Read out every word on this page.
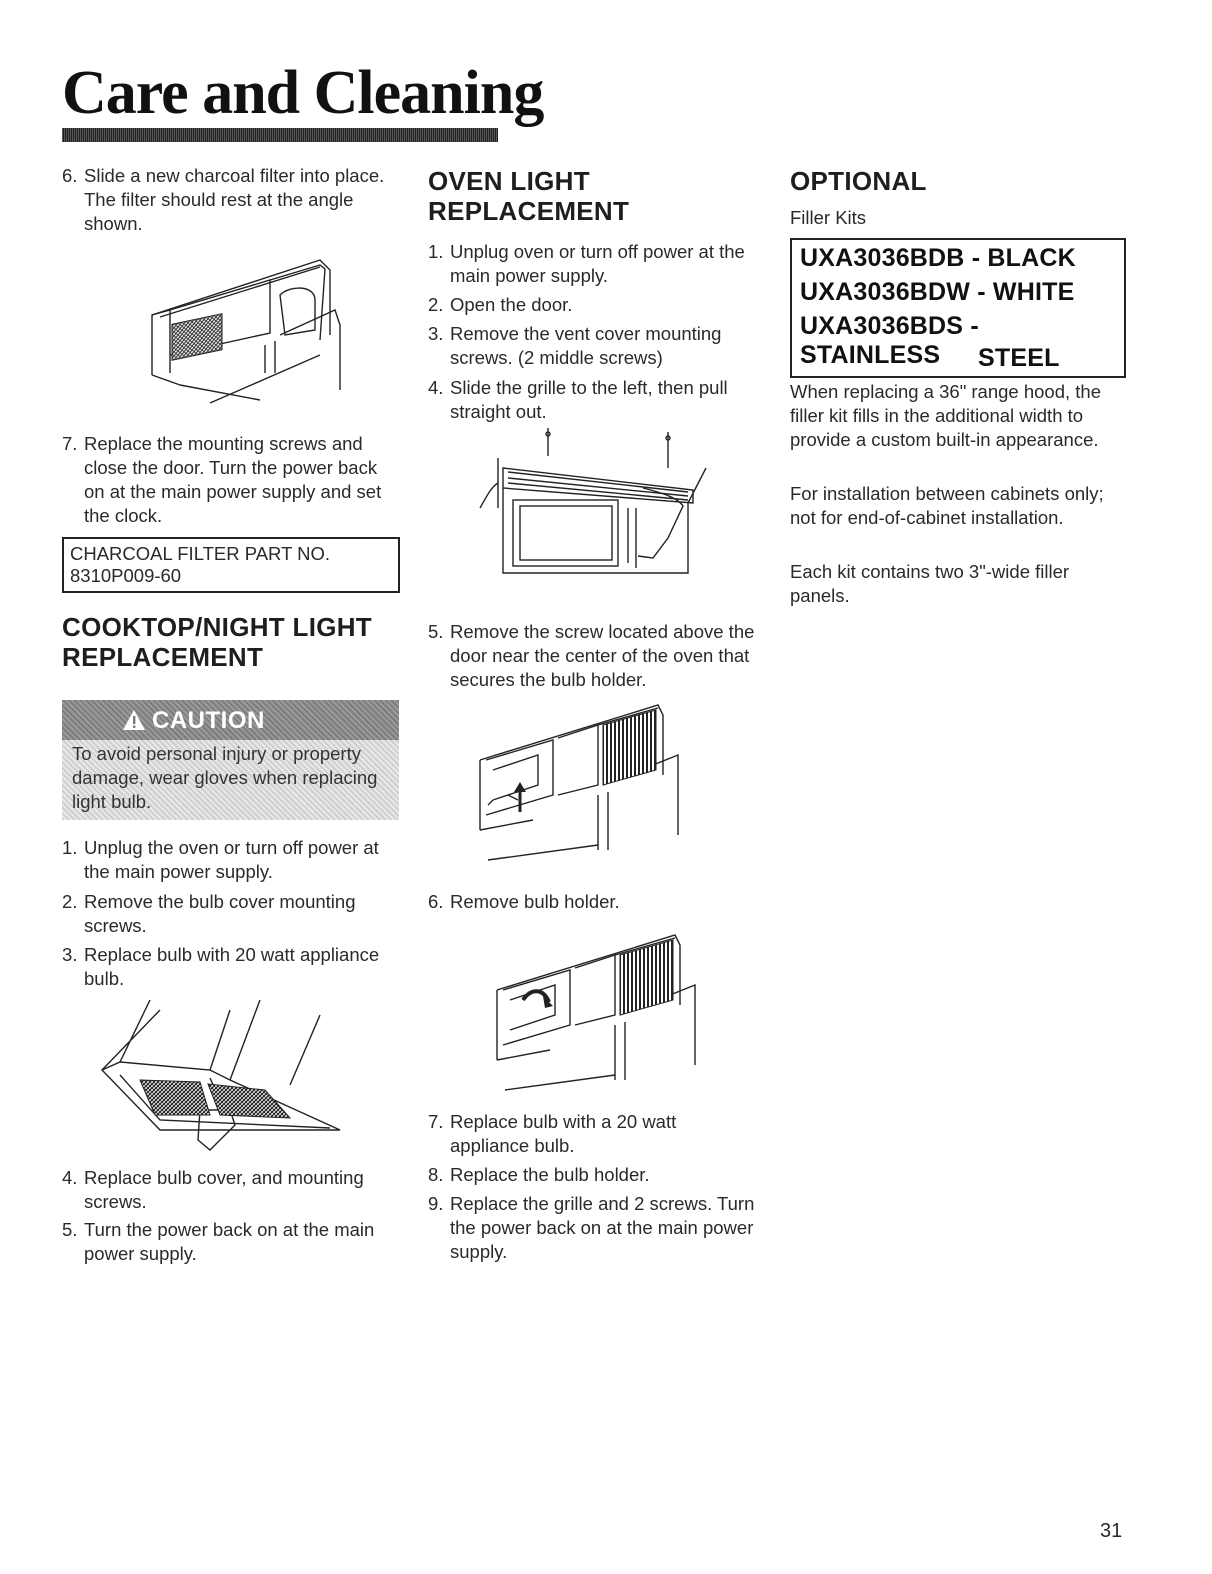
Care and Cleaning
6. Slide a new charcoal filter into place. The filter should rest at the angle shown.
7. Replace the mounting screws and close the door. Turn the power back on at the main power supply and set the clock.
CHARCOAL FILTER PART NO.
8310P009-60
COOKTOP/NIGHT LIGHT
REPLACEMENT
CAUTION
To avoid personal injury or property damage, wear gloves when replacing light bulb.
1. Unplug the oven or turn off power at the main power supply.
2. Remove the bulb cover mounting screws.
3. Replace bulb with 20 watt appliance bulb.
4. Replace bulb cover, and mounting screws.
5. Turn the power back on at the main power supply.
OVEN LIGHT
REPLACEMENT
1. Unplug oven or turn off power at the main power supply.
2. Open the door.
3. Remove the vent cover mounting screws. (2 middle screws)
4. Slide the grille to the left, then pull straight out.
5. Remove the screw located above the door near the center of the oven that secures the bulb holder.
6. Remove bulb holder.
7. Replace bulb with a 20 watt appliance bulb.
8. Replace the bulb holder.
9. Replace the grille and 2 screws. Turn the power back on at the main power supply.
OPTIONAL
Filler Kits
UXA3036BDB - BLACK
UXA3036BDW - WHITE
UXA3036BDS - STAINLESS	STEEL
When replacing a 36" range hood, the filler kit fills in the additional width to provide a custom built-in appearance.
For installation between cabinets only; not for end-of-cabinet installation.
Each kit contains two 3"-wide filler panels.
31
